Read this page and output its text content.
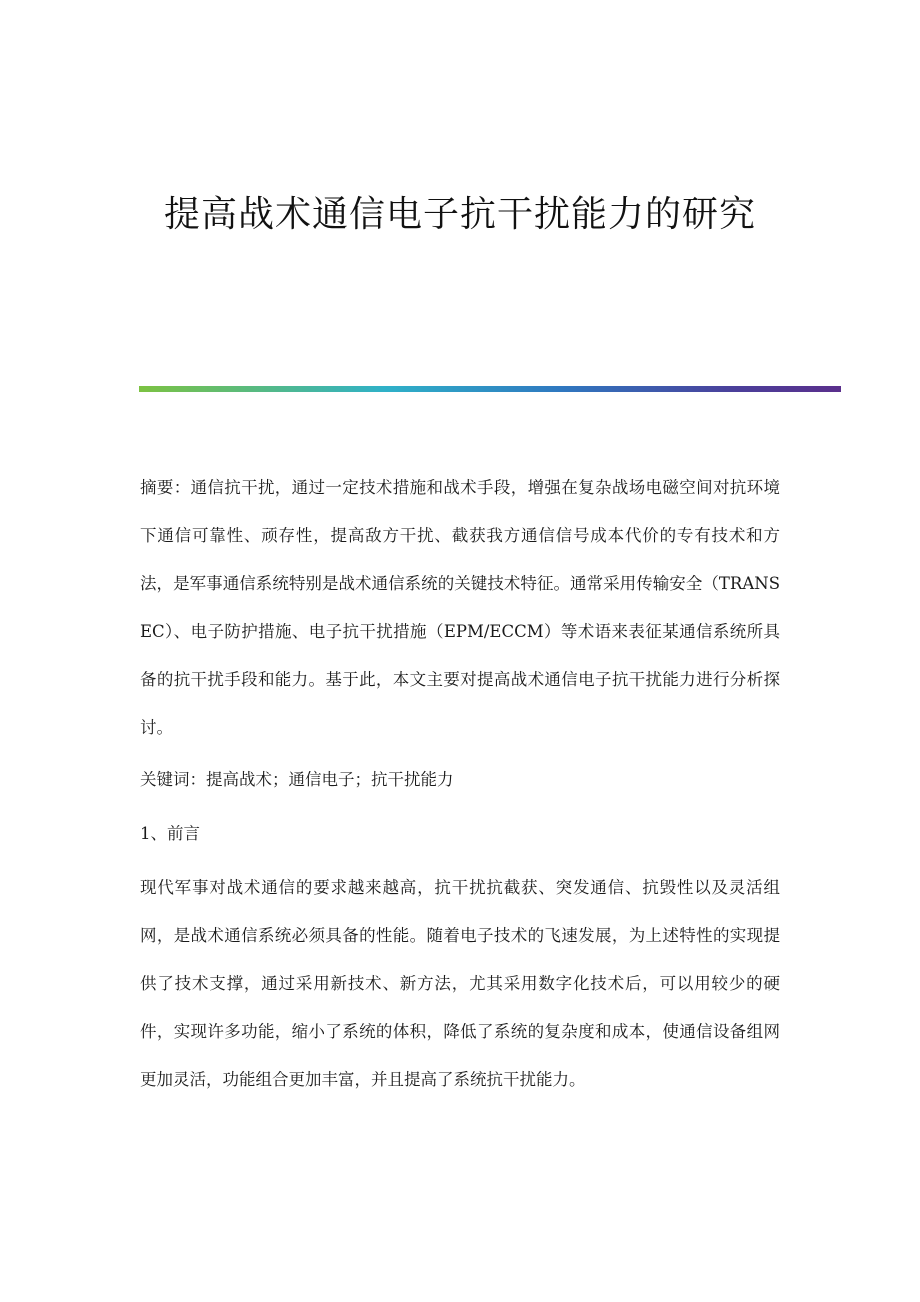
提高战术通信电子抗干扰能力的研究

摘要：通信抗干扰，通过一定技术措施和战术手段，增强在复杂战场电磁空间对抗环境下通信可靠性、顽存性，提高敌方干扰、截获我方通信信号成本代价的专有技术和方法，是军事通信系统特别是战术通信系统的关键技术特征。通常采用传输安全（TRANSEC）、电子防护措施、电子抗干扰措施（EPM/ECCM）等术语来表征某通信系统所具备的抗干扰手段和能力。基于此，本文主要对提高战术通信电子抗干扰能力进行分析探讨。

关键词：提高战术；通信电子；抗干扰能力

1、前言

现代军事对战术通信的要求越来越高，抗干扰抗截获、突发通信、抗毁性以及灵活组网，是战术通信系统必须具备的性能。随着电子技术的飞速发展，为上述特性的实现提供了技术支撑，通过采用新技术、新方法，尤其采用数字化技术后，可以用较少的硬件，实现许多功能，缩小了系统的体积，降低了系统的复杂度和成本，使通信设备组网更加灵活，功能组合更加丰富，并且提高了系统抗干扰能力。
